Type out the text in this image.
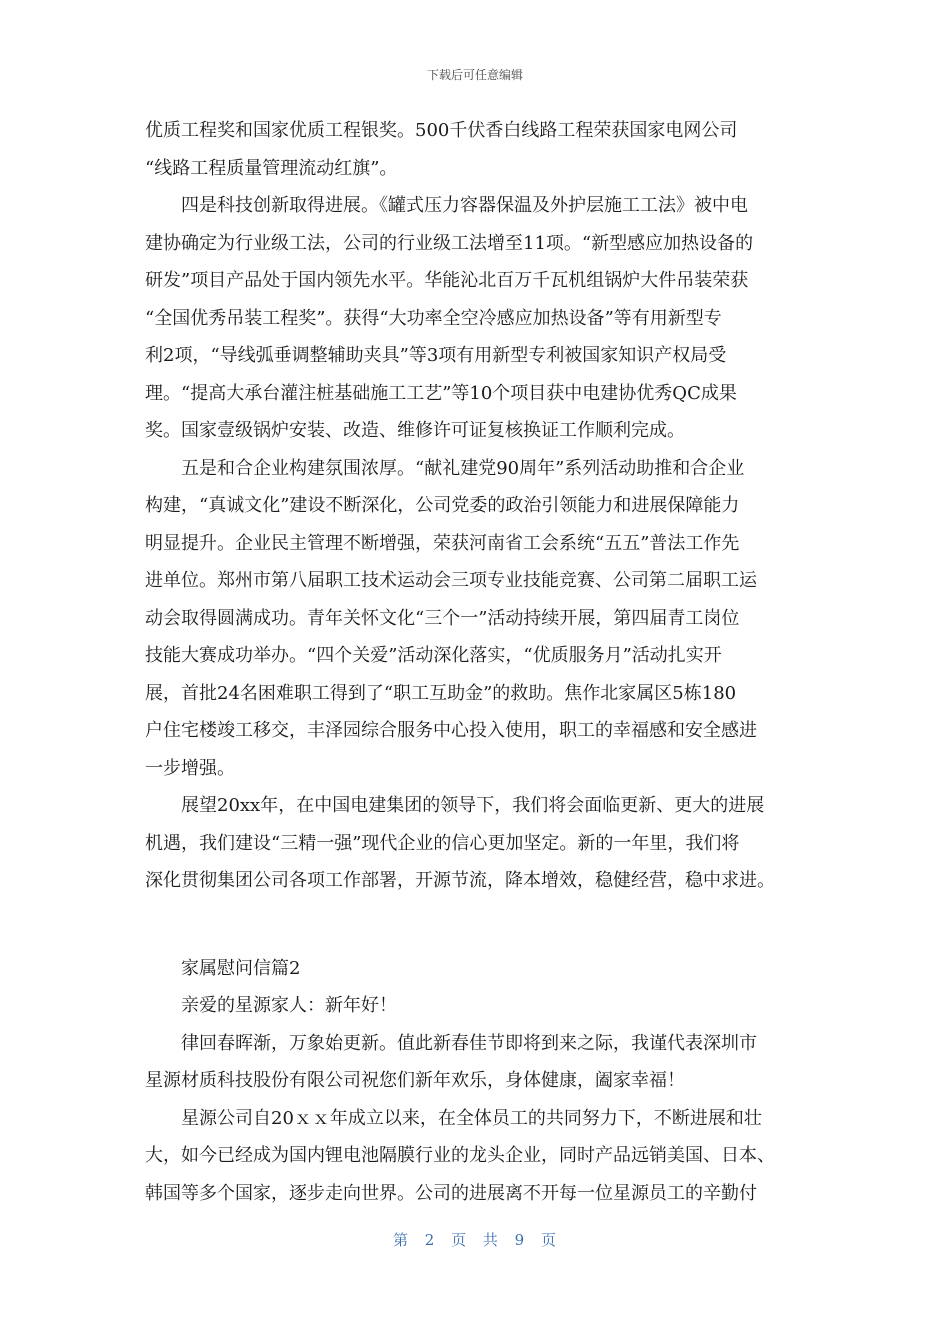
下载后可任意编辑
优质工程奖和国家优质工程银奖。500千伏香白线路工程荣获国家电网公司
“线路工程质量管理流动红旗”。
四是科技创新取得进展。《罐式压力容器保温及外护层施工工法》被中电
建协确定为行业级工法，公司的行业级工法增至11项。“新型感应加热设备的
研发”项目产品处于国内领先水平。华能沁北百万千瓦机组锅炉大件吊装荣获
“全国优秀吊装工程奖”。获得“大功率全空冷感应加热设备”等有用新型专
利2项，“导线弧垂调整辅助夹具”等3项有用新型专利被国家知识产权局受
理。“提高大承台灌注桩基础施工工艺”等10个项目获中电建协优秀QC成果
奖。国家壹级锅炉安装、改造、维修许可证复核换证工作顺利完成。
五是和合企业构建氛围浓厚。“献礼建党90周年”系列活动助推和合企业
构建，“真诚文化”建设不断深化，公司党委的政治引领能力和进展保障能力
明显提升。企业民主管理不断增强，荣获河南省工会系统“五五”普法工作先
进单位。郑州市第八届职工技术运动会三项专业技能竞赛、公司第二届职工运
动会取得圆满成功。青年关怀文化“三个一”活动持续开展，第四届青工岗位
技能大赛成功举办。“四个关爱”活动深化落实，“优质服务月”活动扎实开
展，首批24名困难职工得到了“职工互助金”的救助。焦作北家属区5栋180
户住宅楼竣工移交，丰泽园综合服务中心投入使用，职工的幸福感和安全感进
一步增强。
展望20xx年，在中国电建集团的领导下，我们将会面临更新、更大的进展
机遇，我们建设“三精一强”现代企业的信心更加坚定。新的一年里，我们将
深化贯彻集团公司各项工作部署，开源节流，降本增效，稳健经营，稳中求进。
家属慰问信篇2
亲爱的星源家人：新年好！
律回春晖渐，万象始更新。值此新春佳节即将到来之际，我谨代表深圳市
星源材质科技股份有限公司祝您们新年欢乐，身体健康，阖家幸福！
星源公司自20ｘｘ年成立以来，在全体员工的共同努力下，不断进展和壮
大，如今已经成为国内锂电池隔膜行业的龙头企业，同时产品远销美国、日本、
韩国等多个国家，逐步走向世界。公司的进展离不开每一位星源员工的辛勤付
第 2 页 共 9 页
